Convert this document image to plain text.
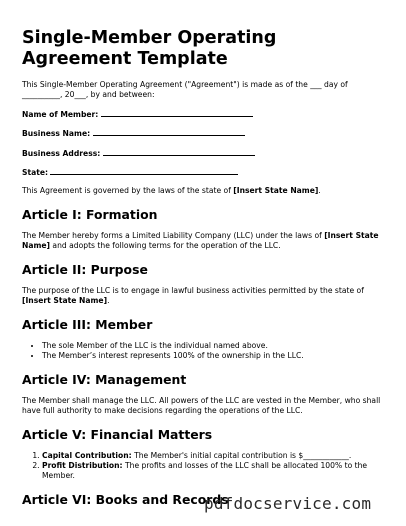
Single-Member Operating Agreement Template

This Single-Member Operating Agreement ("Agreement") is made as of the ___ day of __________, 20___, by and between:

Name of Member:
Business Name:
Business Address:
State:

This Agreement is governed by the laws of the state of [Insert State Name].

Article I: Formation

The Member hereby forms a Limited Liability Company (LLC) under the laws of [Insert State Name] and adopts the following terms for the operation of the LLC.

Article II: Purpose

The purpose of the LLC is to engage in lawful business activities permitted by the state of [Insert State Name].

Article III: Member
• The sole Member of the LLC is the individual named above.
• The Member’s interest represents 100% of the ownership in the LLC.
Article IV: Management

The Member shall manage the LLC. All powers of the LLC are vested in the Member, who shall have full authority to make decisions regarding the operations of the LLC.

Article V: Financial Matters
1. Capital Contribution: The Member's initial capital contribution is $____________.
2. Profit Distribution: The profits and losses of the LLC shall be allocated 100% to the Member.
Article VI: Books and Records
pdfdocservice.com
